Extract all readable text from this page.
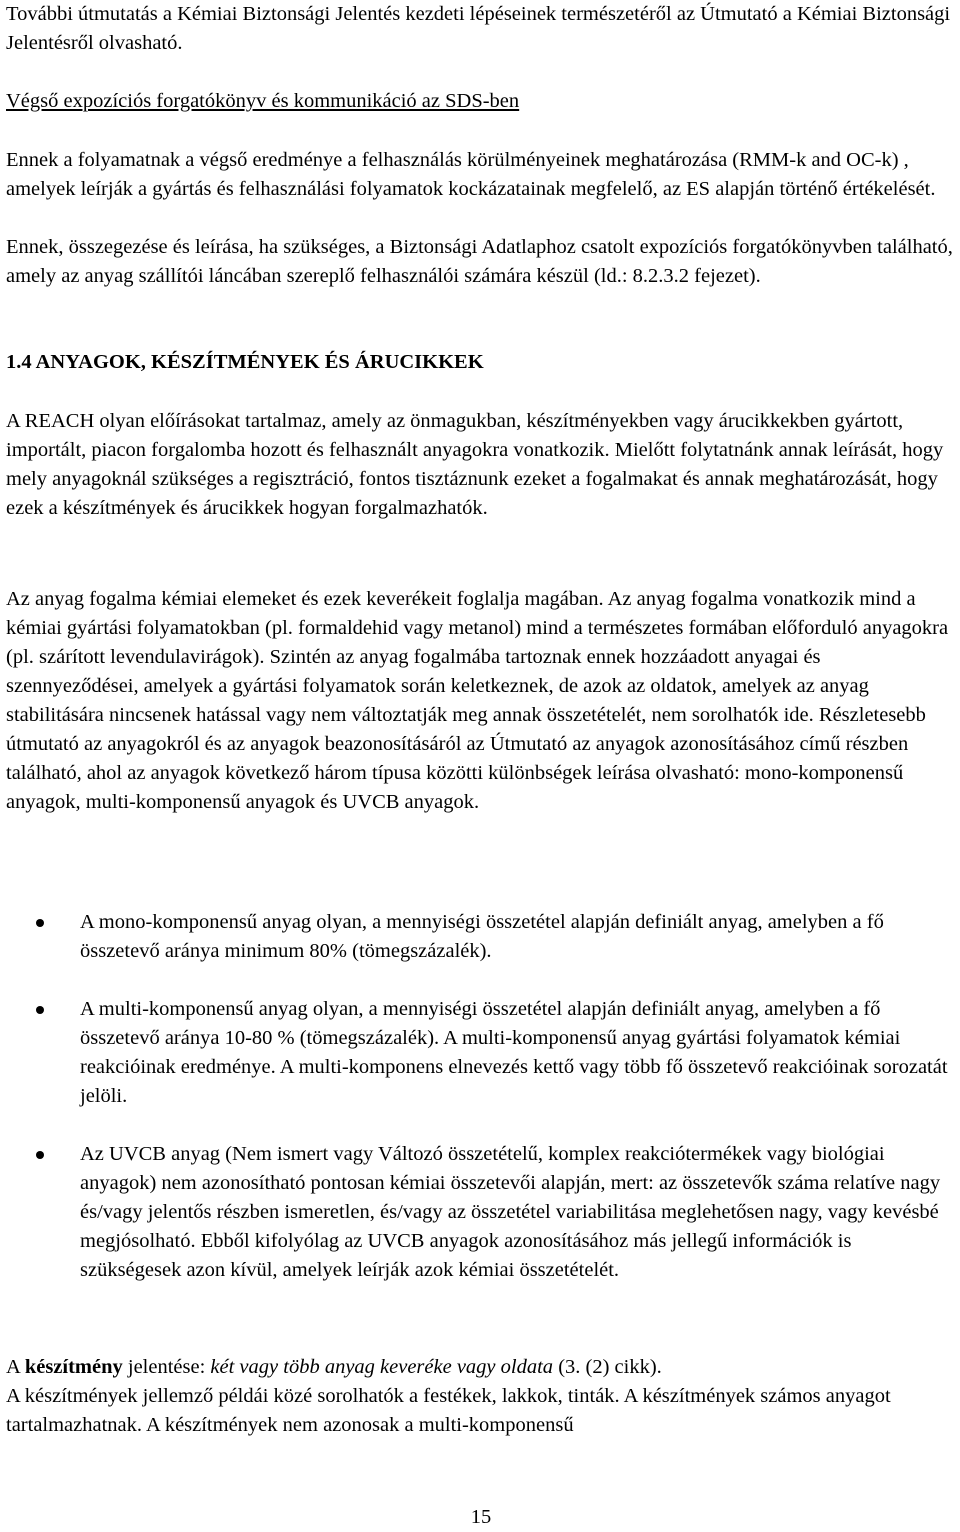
További útmutatás a Kémiai Biztonsági Jelentés kezdeti lépéseinek természetéről az Útmutató a Kémiai Biztonsági Jelentésről olvasható.

Végső expozíciós forgatókönyv és kommunikáció az SDS-ben

Ennek a folyamatnak a végső eredménye a felhasználás körülményeinek meghatározása (RMM-k and OC-k) , amelyek leírják a gyártás és felhasználási folyamatok kockázatainak megfelelő, az ES alapján történő értékelését.

Ennek, összegezése és leírása, ha szükséges, a Biztonsági Adatlaphoz csatolt expozíciós forgatókönyvben található, amely az anyag szállítói láncában szereplő felhasználói számára készül (ld.: 8.2.3.2 fejezet).

1.4 ANYAGOK, KÉSZÍTMÉNYEK ÉS ÁRUCIKKEK

A REACH olyan előírásokat tartalmaz, amely az önmagukban, készítményekben vagy árucikkekben gyártott, importált, piacon forgalomba hozott és felhasznált anyagokra vonatkozik. Mielőtt folytatnánk annak leírását, hogy mely anyagoknál szükséges a regisztráció, fontos tisztáznunk ezeket a fogalmakat és annak meghatározását, hogy ezek a készítmények és árucikkek hogyan forgalmazhatók.

Az anyag fogalma kémiai elemeket és ezek keverékeit foglalja magában. Az anyag fogalma vonatkozik mind a kémiai gyártási folyamatokban (pl. formaldehid vagy metanol) mind a természetes formában előforduló anyagokra (pl. szárított levendulavirágok). Szintén az anyag fogalmába tartoznak ennek hozzáadott anyagai és szennyeződései, amelyek a gyártási folyamatok során keletkeznek, de azok az oldatok, amelyek az anyag stabilitására nincsenek hatással vagy nem változtatják meg annak összetételét, nem sorolhatók ide. Részletesebb útmutató az anyagokról és az anyagok beazonosításáról az Útmutató az anyagok azonosításához című részben található, ahol az anyagok következő három típusa közötti különbségek leírása olvasható: mono-komponensű anyagok, multi-komponensű anyagok és UVCB anyagok.

A mono-komponensű anyag olyan, a mennyiségi összetétel alapján definiált anyag, amelyben a fő összetevő aránya minimum 80% (tömegszázalék).
A multi-komponensű anyag olyan, a mennyiségi összetétel alapján definiált anyag, amelyben a fő összetevő aránya 10-80 % (tömegszázalék). A multi-komponensű anyag gyártási folyamatok kémiai reakcióinak eredménye. A multi-komponens elnevezés kettő vagy több fő összetevő reakcióinak sorozatát jelöli.
Az UVCB anyag (Nem ismert vagy Változó összetételű, komplex reakciótermékek vagy biológiai anyagok) nem azonosítható pontosan kémiai összetevői alapján, mert: az összetevők száma relatíve nagy és/vagy jelentős részben ismeretlen, és/vagy az összetétel variabilitása meglehetősen nagy, vagy kevésbé megjósolható. Ebből kifolyólag az UVCB anyagok azonosításához más jellegű információk is szükségesek azon kívül, amelyek leírják azok kémiai összetételét.

A készítmény jelentése: két vagy több anyag keveréke vagy oldata (3. (2) cikk).

A készítmények jellemző példái közé sorolhatók a festékek, lakkok, tinták. A készítmények számos anyagot tartalmazhatnak. A készítmények nem azonosak a multi-komponensű

15
